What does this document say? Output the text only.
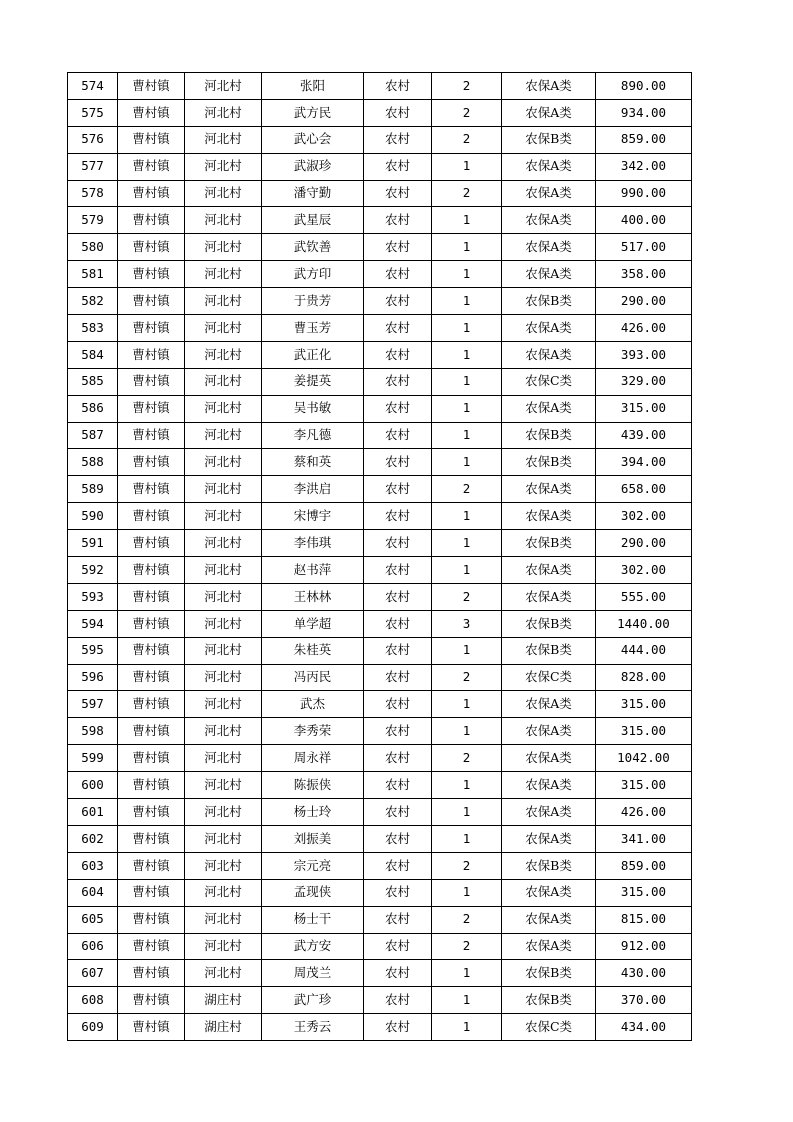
574	曹村镇	河北村	张阳	农村	2	农保A类	890.00
575	曹村镇	河北村	武方民	农村	2	农保A类	934.00
576	曹村镇	河北村	武心会	农村	2	农保B类	859.00
577	曹村镇	河北村	武淑珍	农村	1	农保A类	342.00
578	曹村镇	河北村	潘守勤	农村	2	农保A类	990.00
579	曹村镇	河北村	武星辰	农村	1	农保A类	400.00
580	曹村镇	河北村	武钦善	农村	1	农保A类	517.00
581	曹村镇	河北村	武方印	农村	1	农保A类	358.00
582	曹村镇	河北村	于贵芳	农村	1	农保B类	290.00
583	曹村镇	河北村	曹玉芳	农村	1	农保A类	426.00
584	曹村镇	河北村	武正化	农村	1	农保A类	393.00
585	曹村镇	河北村	姜提英	农村	1	农保C类	329.00
586	曹村镇	河北村	吴书敏	农村	1	农保A类	315.00
587	曹村镇	河北村	李凡德	农村	1	农保B类	439.00
588	曹村镇	河北村	蔡和英	农村	1	农保B类	394.00
589	曹村镇	河北村	李洪启	农村	2	农保A类	658.00
590	曹村镇	河北村	宋博宇	农村	1	农保A类	302.00
591	曹村镇	河北村	李伟琪	农村	1	农保B类	290.00
592	曹村镇	河北村	赵书萍	农村	1	农保A类	302.00
593	曹村镇	河北村	王林林	农村	2	农保A类	555.00
594	曹村镇	河北村	单学超	农村	3	农保B类	1440.00
595	曹村镇	河北村	朱桂英	农村	1	农保B类	444.00
596	曹村镇	河北村	冯丙民	农村	2	农保C类	828.00
597	曹村镇	河北村	武杰	农村	1	农保A类	315.00
598	曹村镇	河北村	李秀荣	农村	1	农保A类	315.00
599	曹村镇	河北村	周永祥	农村	2	农保A类	1042.00
600	曹村镇	河北村	陈振侠	农村	1	农保A类	315.00
601	曹村镇	河北村	杨士玲	农村	1	农保A类	426.00
602	曹村镇	河北村	刘振美	农村	1	农保A类	341.00
603	曹村镇	河北村	宗元亮	农村	2	农保B类	859.00
604	曹村镇	河北村	孟现侠	农村	1	农保A类	315.00
605	曹村镇	河北村	杨士干	农村	2	农保A类	815.00
606	曹村镇	河北村	武方安	农村	2	农保A类	912.00
607	曹村镇	河北村	周茂兰	农村	1	农保B类	430.00
608	曹村镇	湖庄村	武广珍	农村	1	农保B类	370.00
609	曹村镇	湖庄村	王秀云	农村	1	农保C类	434.00
